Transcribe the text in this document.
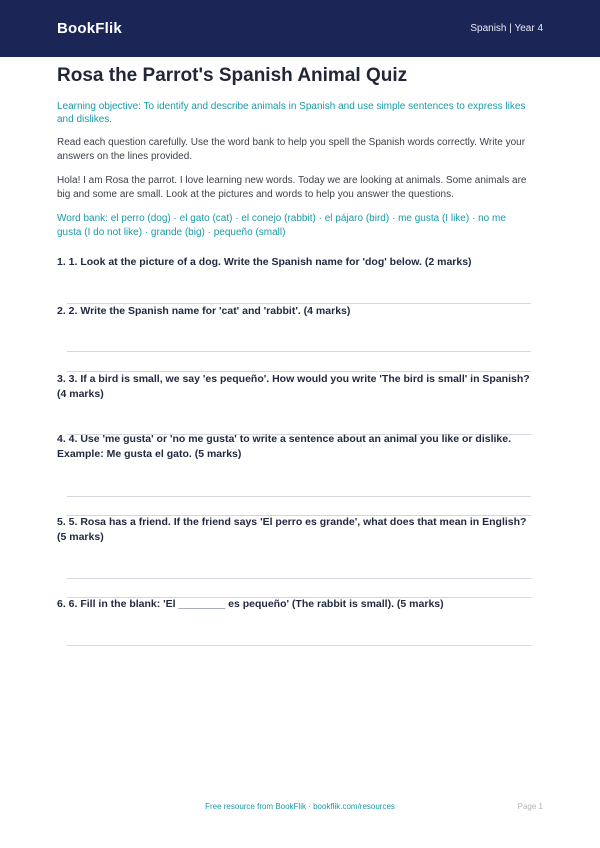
BookFlik	Spanish | Year 4
Rosa the Parrot's Spanish Animal Quiz
Learning objective: To identify and describe animals in Spanish and use simple sentences to express likes and dislikes.
Read each question carefully. Use the word bank to help you spell the Spanish words correctly. Write your answers on the lines provided.
Hola! I am Rosa the parrot. I love learning new words. Today we are looking at animals. Some animals are big and some are small. Look at the pictures and words to help you answer the questions.
Word bank: el perro (dog) · el gato (cat) · el conejo (rabbit) · el pájaro (bird) · me gusta (I like) · no me gusta (I do not like) · grande (big) · pequeño (small)
1. 1. Look at the picture of a dog. Write the Spanish name for 'dog' below. (2 marks)
2. 2. Write the Spanish name for 'cat' and 'rabbit'. (4 marks)
3. 3. If a bird is small, we say 'es pequeño'. How would you write 'The bird is small' in Spanish? (4 marks)
4. 4. Use 'me gusta' or 'no me gusta' to write a sentence about an animal you like or dislike. Example: Me gusta el gato. (5 marks)
5. 5. Rosa has a friend. If the friend says 'El perro es grande', what does that mean in English? (5 marks)
6. 6. Fill in the blank: 'El ________ es pequeño' (The rabbit is small). (5 marks)
Free resource from BookFlik · bookflik.com/resources	Page 1
